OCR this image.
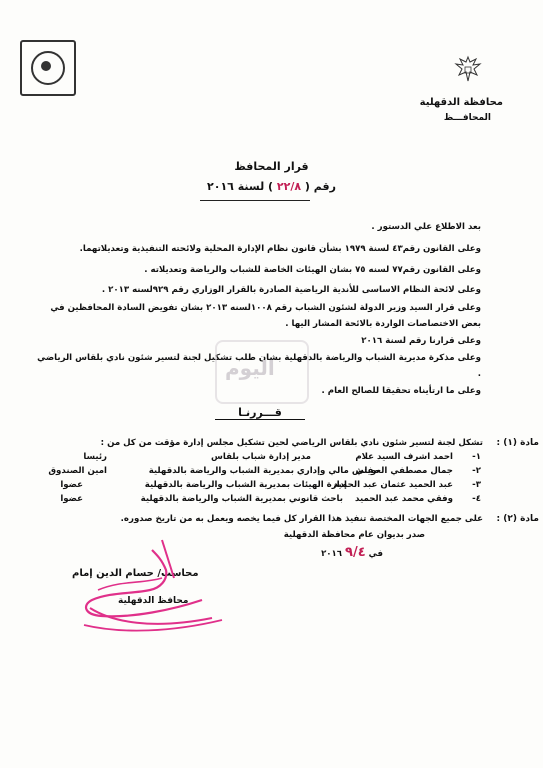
محافظة الدقهلية
المحافـــظ
قرار المحافظ
رقم ( ٢٢/٨ ) لسنة ٢٠١٦
بعد الاطلاع علي الدستور .
وعلى القانون رقم٤٣ لسنة ١٩٧٩ بشأن قانون نظام الإدارة المحلية ولائحته التنفيذية وتعديلاتهما.
وعلى القانون رقم٧٧ لسنه ٧٥ بشان الهيئات الخاصة للشباب والرياضة وتعديلاته .
وعلى لائحة النظام الاساسى للأندية الرياضية الصادرة بالقرار الوزاري رقم ٩٢٩لسنه ٢٠١٣ .
وعلى قرار السيد وزير الدولة لشئون الشباب رقم ١٠٠٨لسنه ٢٠١٣ بشان تفويض السادة المحافظين في بعض الاختصاصات الواردة بالائحة المشار اليها .
وعلى قرارنا رقم لسنة ٢٠١٦
وعلى مذكرة مديرية الشباب والرياضة بالدقهلية بشان طلب تشكيل لجنة لتسير شئون نادي بلقاس الرياضي .
وعلى ما ارتأيناه تحقيقا للصالح العام .
اليوم
قـــررنـا
مادة (١) :
تشكل لجنة لتسير شئون نادي بلقاس الرياضي لحين تشكيل مجلس إدارة مؤقت من كل من :
١-
احمد اشرف السيد علام
مدير إدارة شباب بلقاس
رئيسا
٢-
جمال مصطفي العويلي
مفتش مالي وإداري بمديرية الشباب والرياضة بالدقهلية
امين الصندوق
٣-
عبد الحميد عثمان عبد الحميد
إدارة الهيئات بمديرية الشباب والرياضة بالدقهلية
عضوا
٤-
وفقي محمد عبد الحميد
باحث قانوني بمديرية الشباب والرياضة بالدقهلية
عضوا
مادة (٢) :
على جميع الجهات المختصة تنفيذ هذا القرار كل فيما يخصه ويعمل به من تاريخ صدوره.
صدر بديوان عام محافظة الدقهلية
في ٩/٤ ٢٠١٦
محاسب/ حسام الدين إمام
محافظ الدقهلية
